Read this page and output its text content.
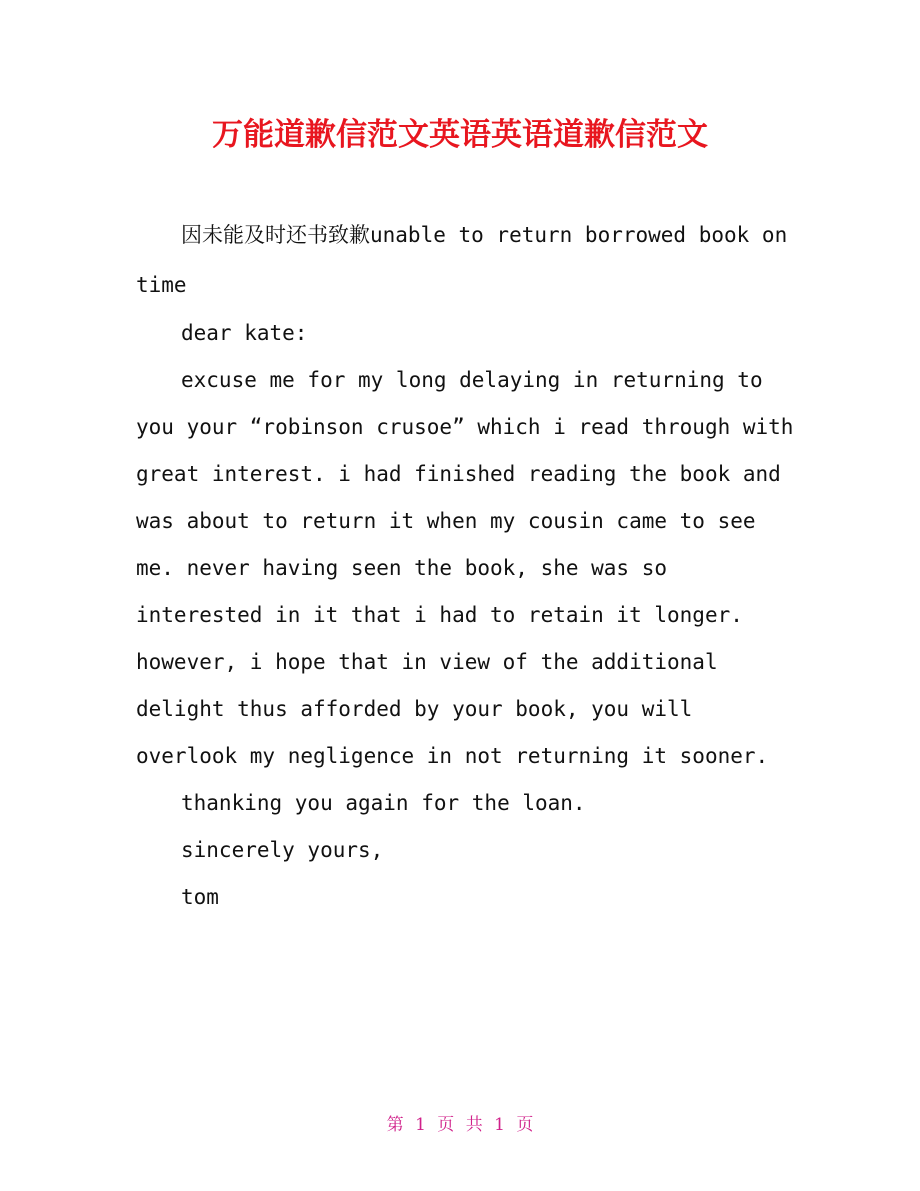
万能道歉信范文英语英语道歉信范文

因未能及时还书致歉unable to return borrowed book on time

dear kate:

excuse me for my long delaying in returning to you your “robinson crusoe” which i read through with great interest. i had finished reading the book and was about to return it when my cousin came to see me. never having seen the book, she was so interested in it that i had to retain it longer. however, i hope that in view of the additional delight thus afforded by your book, you will overlook my negligence in not returning it sooner.

thanking you again for the loan.

sincerely yours,

tom

第 1 页 共 1 页
